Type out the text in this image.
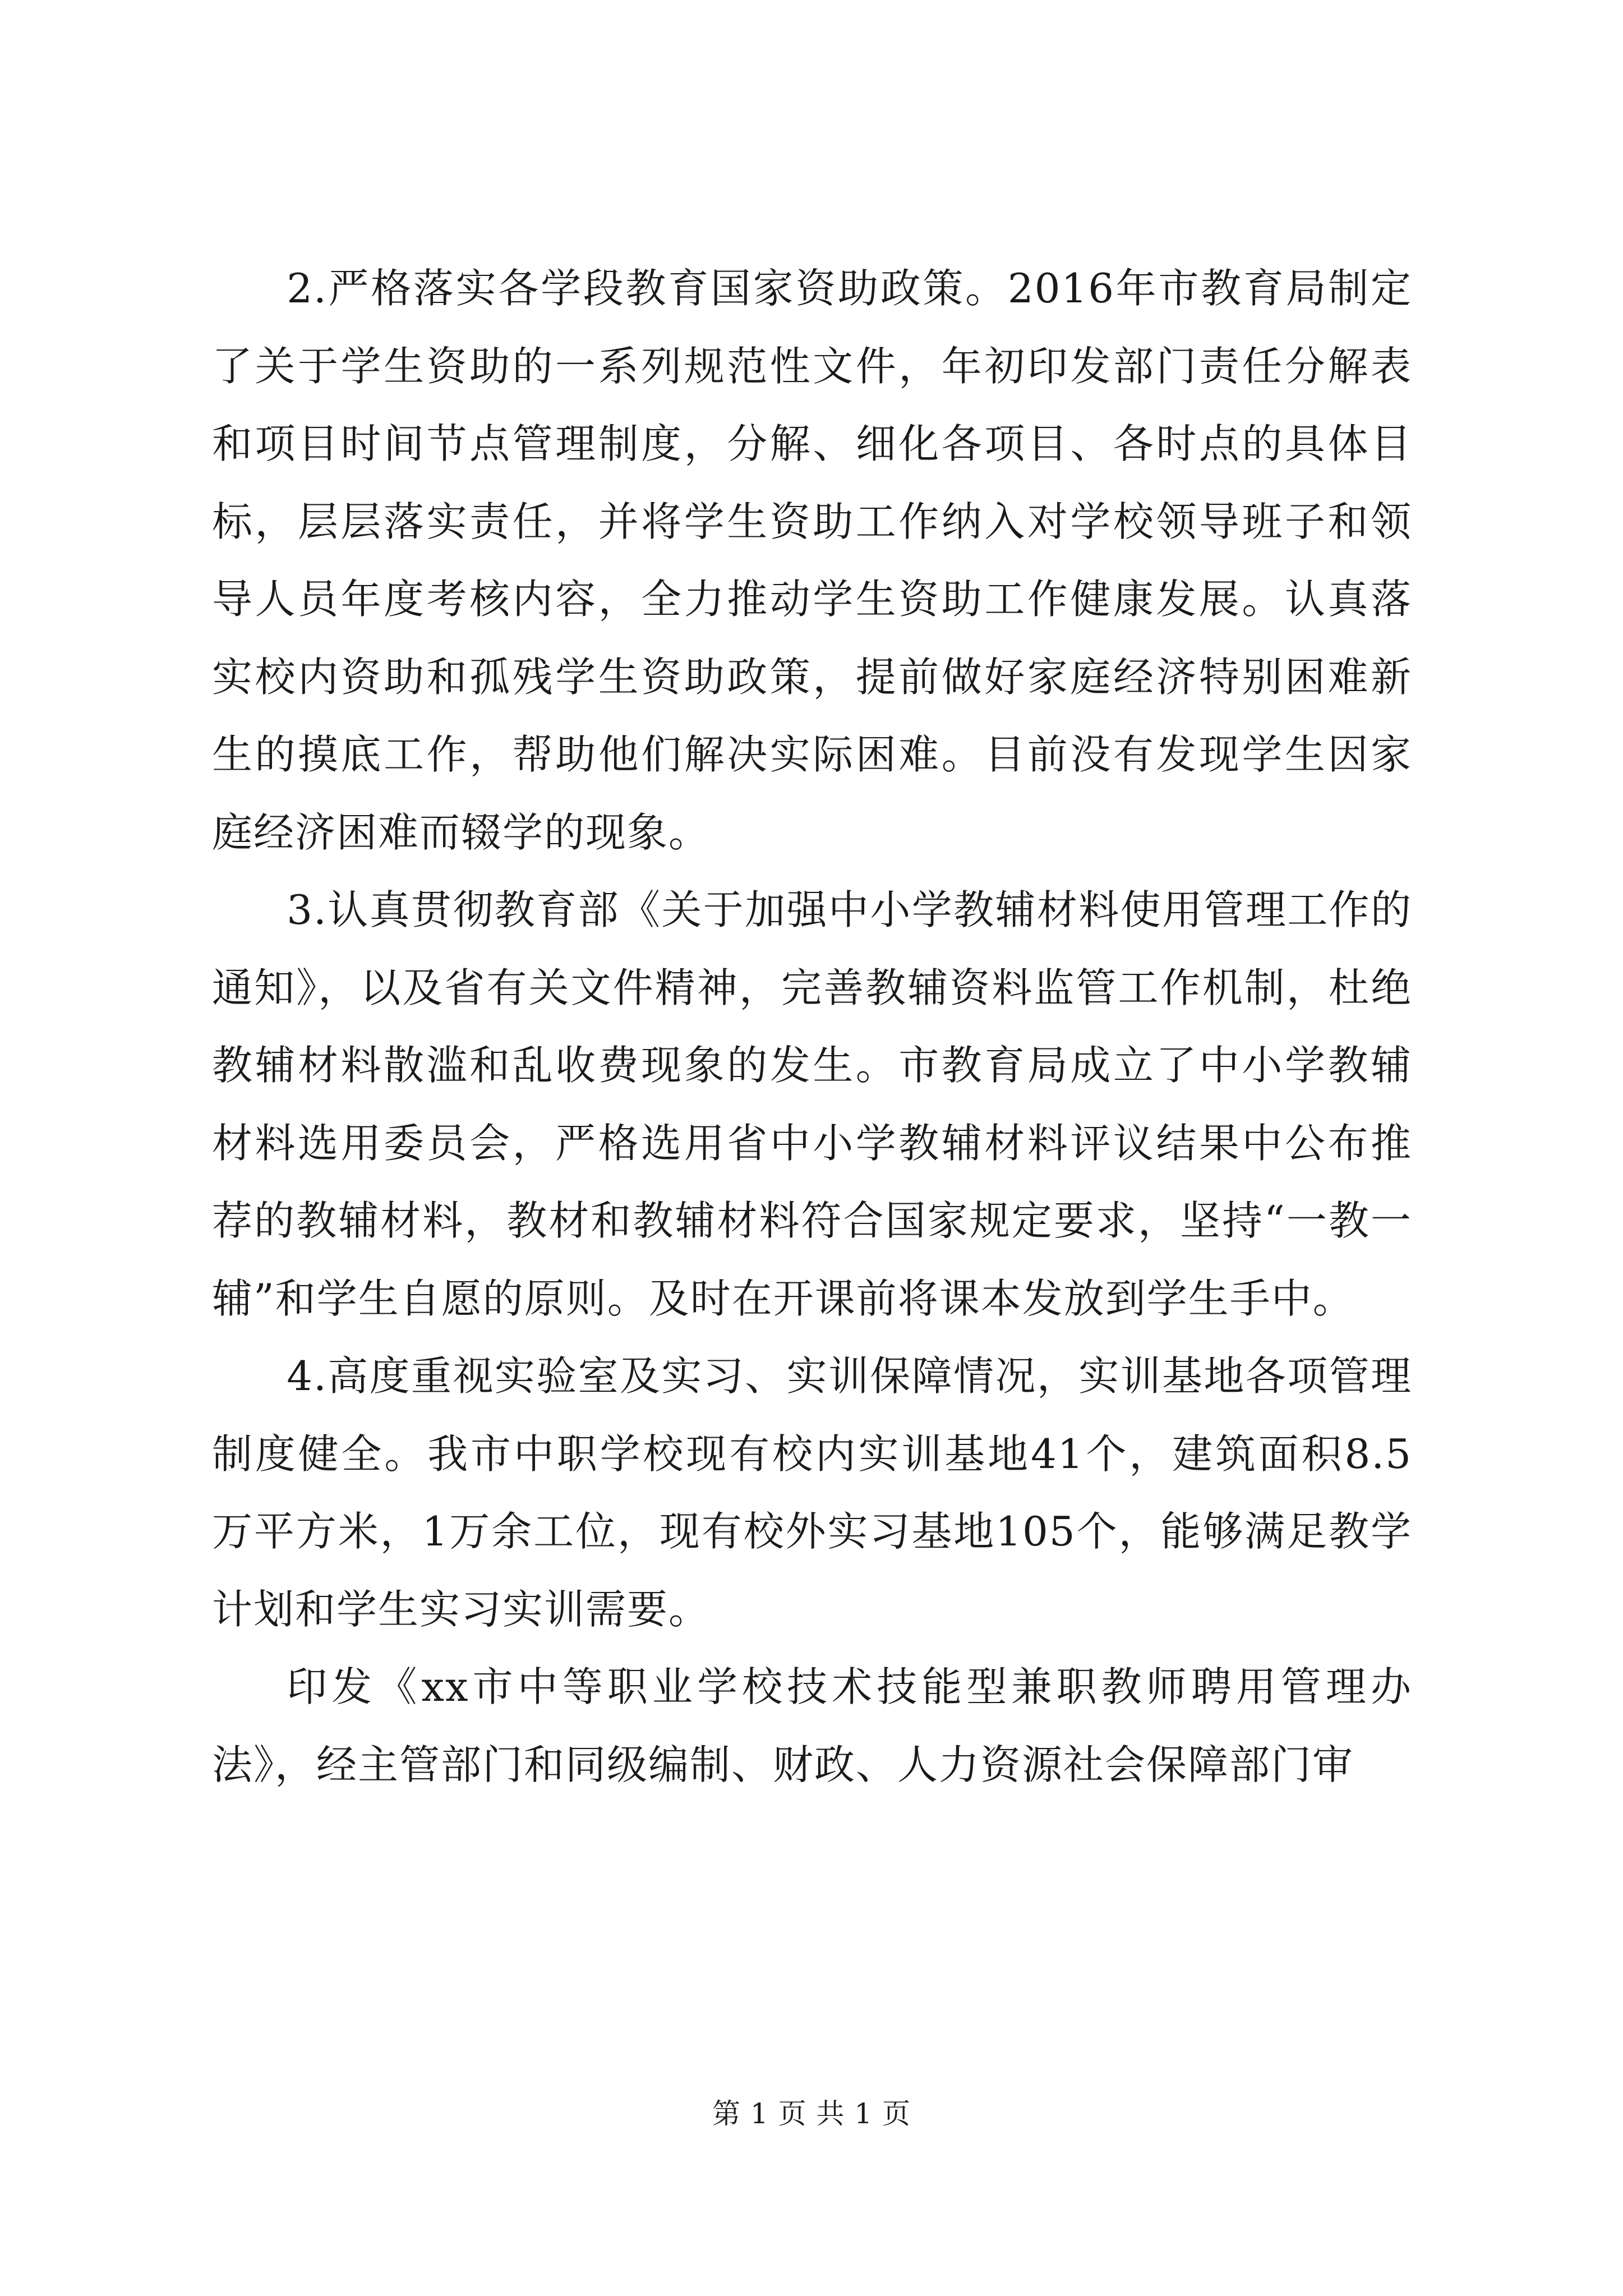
2.严格落实各学段教育国家资助政策。2016年市教育局制定了关于学生资助的一系列规范性文件，年初印发部门责任分解表和项目时间节点管理制度，分解、细化各项目、各时点的具体目标，层层落实责任，并将学生资助工作纳入对学校领导班子和领导人员年度考核内容，全力推动学生资助工作健康发展。认真落实校内资助和孤残学生资助政策，提前做好家庭经济特别困难新生的摸底工作，帮助他们解决实际困难。目前没有发现学生因家庭经济困难而辍学的现象。

3.认真贯彻教育部《关于加强中小学教辅材料使用管理工作的通知》，以及省有关文件精神，完善教辅资料监管工作机制，杜绝教辅材料散滥和乱收费现象的发生。市教育局成立了中小学教辅材料选用委员会，严格选用省中小学教辅材料评议结果中公布推荐的教辅材料，教材和教辅材料符合国家规定要求，坚持“一教一辅”和学生自愿的原则。及时在开课前将课本发放到学生手中。

4.高度重视实验室及实习、实训保障情况，实训基地各项管理制度健全。我市中职学校现有校内实训基地41个，建筑面积8.5万平方米，1万余工位，现有校外实习基地105个，能够满足教学计划和学生实习实训需要。

印发《xx市中等职业学校技术技能型兼职教师聘用管理办法》，经主管部门和同级编制、财政、人力资源社会保障部门审

第 1 页 共 1 页
